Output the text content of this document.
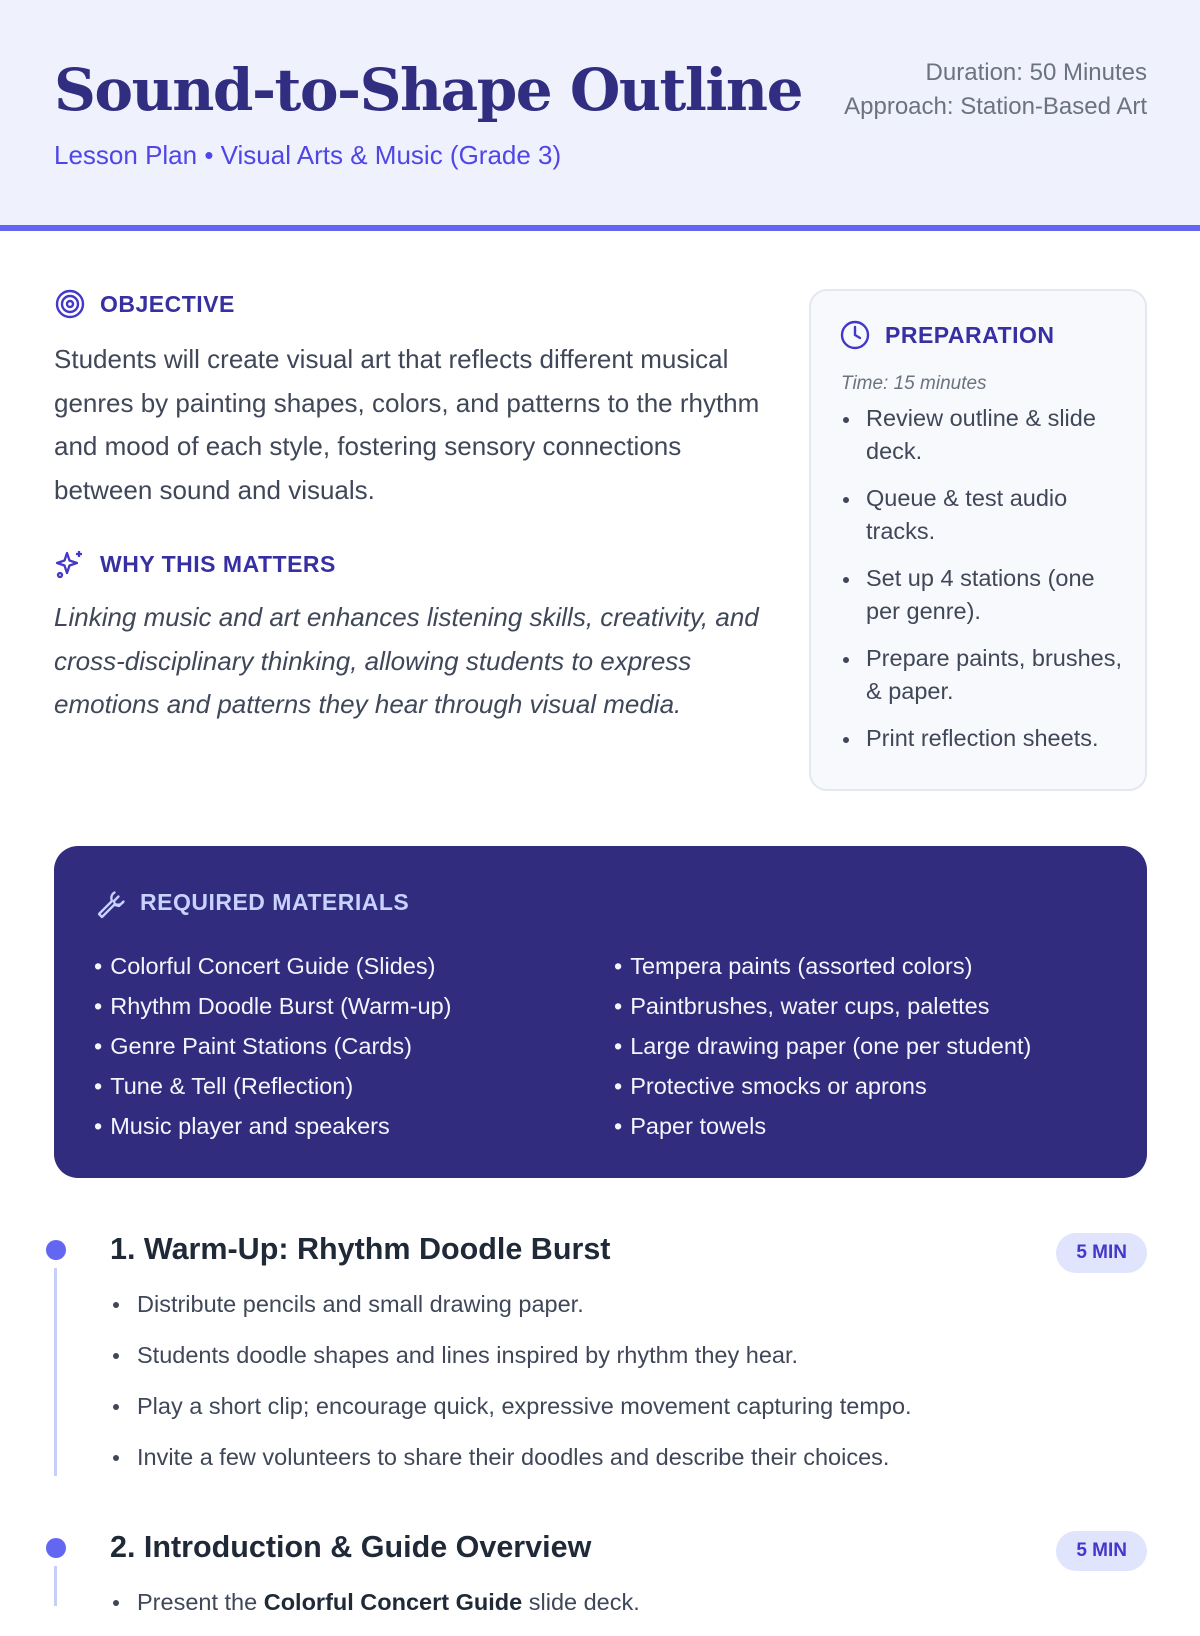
Sound-to-Shape Outline
Lesson Plan • Visual Arts & Music (Grade 3)
Duration: 50 Minutes
Approach: Station-Based Art
OBJECTIVE
Students will create visual art that reflects different musical genres by painting shapes, colors, and patterns to the rhythm and mood of each style, fostering sensory connections between sound and visuals.
WHY THIS MATTERS
Linking music and art enhances listening skills, creativity, and cross-disciplinary thinking, allowing students to express emotions and patterns they hear through visual media.
PREPARATION
Time: 15 minutes
Review outline & slide deck.
Queue & test audio tracks.
Set up 4 stations (one per genre).
Prepare paints, brushes, & paper.
Print reflection sheets.
REQUIRED MATERIALS
• Colorful Concert Guide (Slides)
• Rhythm Doodle Burst (Warm-up)
• Genre Paint Stations (Cards)
• Tune & Tell (Reflection)
• Music player and speakers
• Tempera paints (assorted colors)
• Paintbrushes, water cups, palettes
• Large drawing paper (one per student)
• Protective smocks or aprons
• Paper towels
1. Warm-Up: Rhythm Doodle Burst	5 MIN
Distribute pencils and small drawing paper.
Students doodle shapes and lines inspired by rhythm they hear.
Play a short clip; encourage quick, expressive movement capturing tempo.
Invite a few volunteers to share their doodles and describe their choices.
2. Introduction & Guide Overview	5 MIN
Present the Colorful Concert Guide slide deck.
